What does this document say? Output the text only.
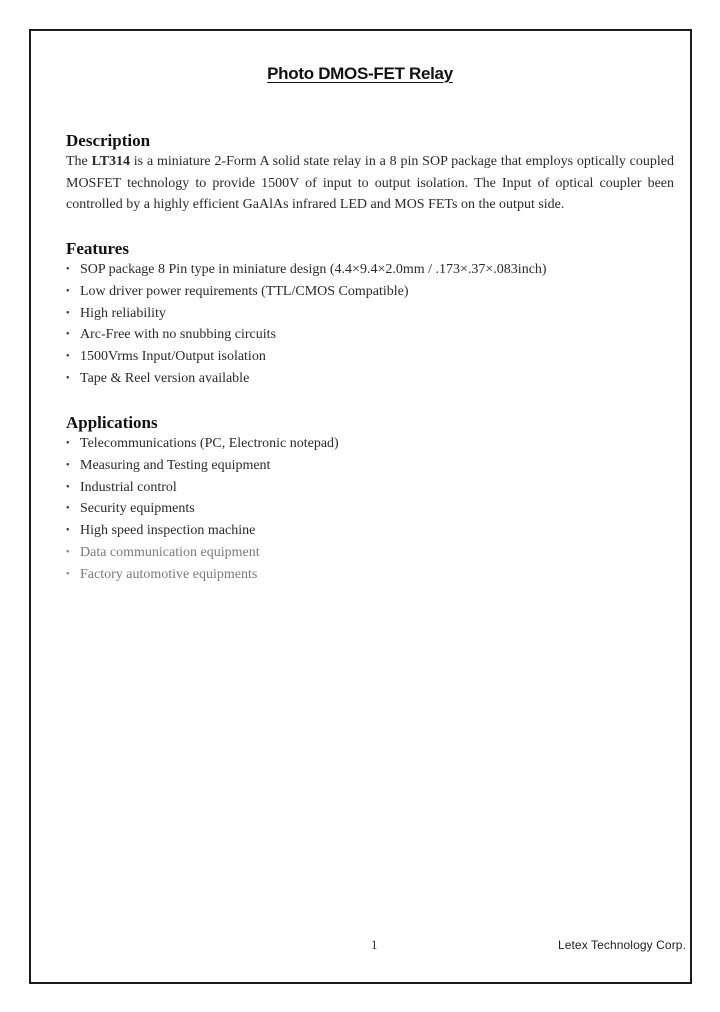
Photo DMOS-FET Relay
Description

The LT314 is a miniature 2-Form A solid state relay in a 8 pin SOP package that employs optically coupled MOSFET technology to provide 1500V of input to output isolation. The Input of optical coupler been controlled by a highly efficient GaAlAs infrared LED and MOS FETs on the output side.

Features
• SOP package 8 Pin type in miniature design (4.4×9.4×2.0mm / .173×.37×.083inch)
• Low driver power requirements (TTL/CMOS Compatible)
• High reliability
• Arc-Free with no snubbing circuits
• 1500Vrms Input/Output isolation
• Tape & Reel version available
Applications
• Telecommunications (PC, Electronic notepad)
• Measuring and Testing equipment
• Industrial control
• Security equipments
• High speed inspection machine
• Data communication equipment
• Factory automotive equipments
1	Letex Technology Corp.
